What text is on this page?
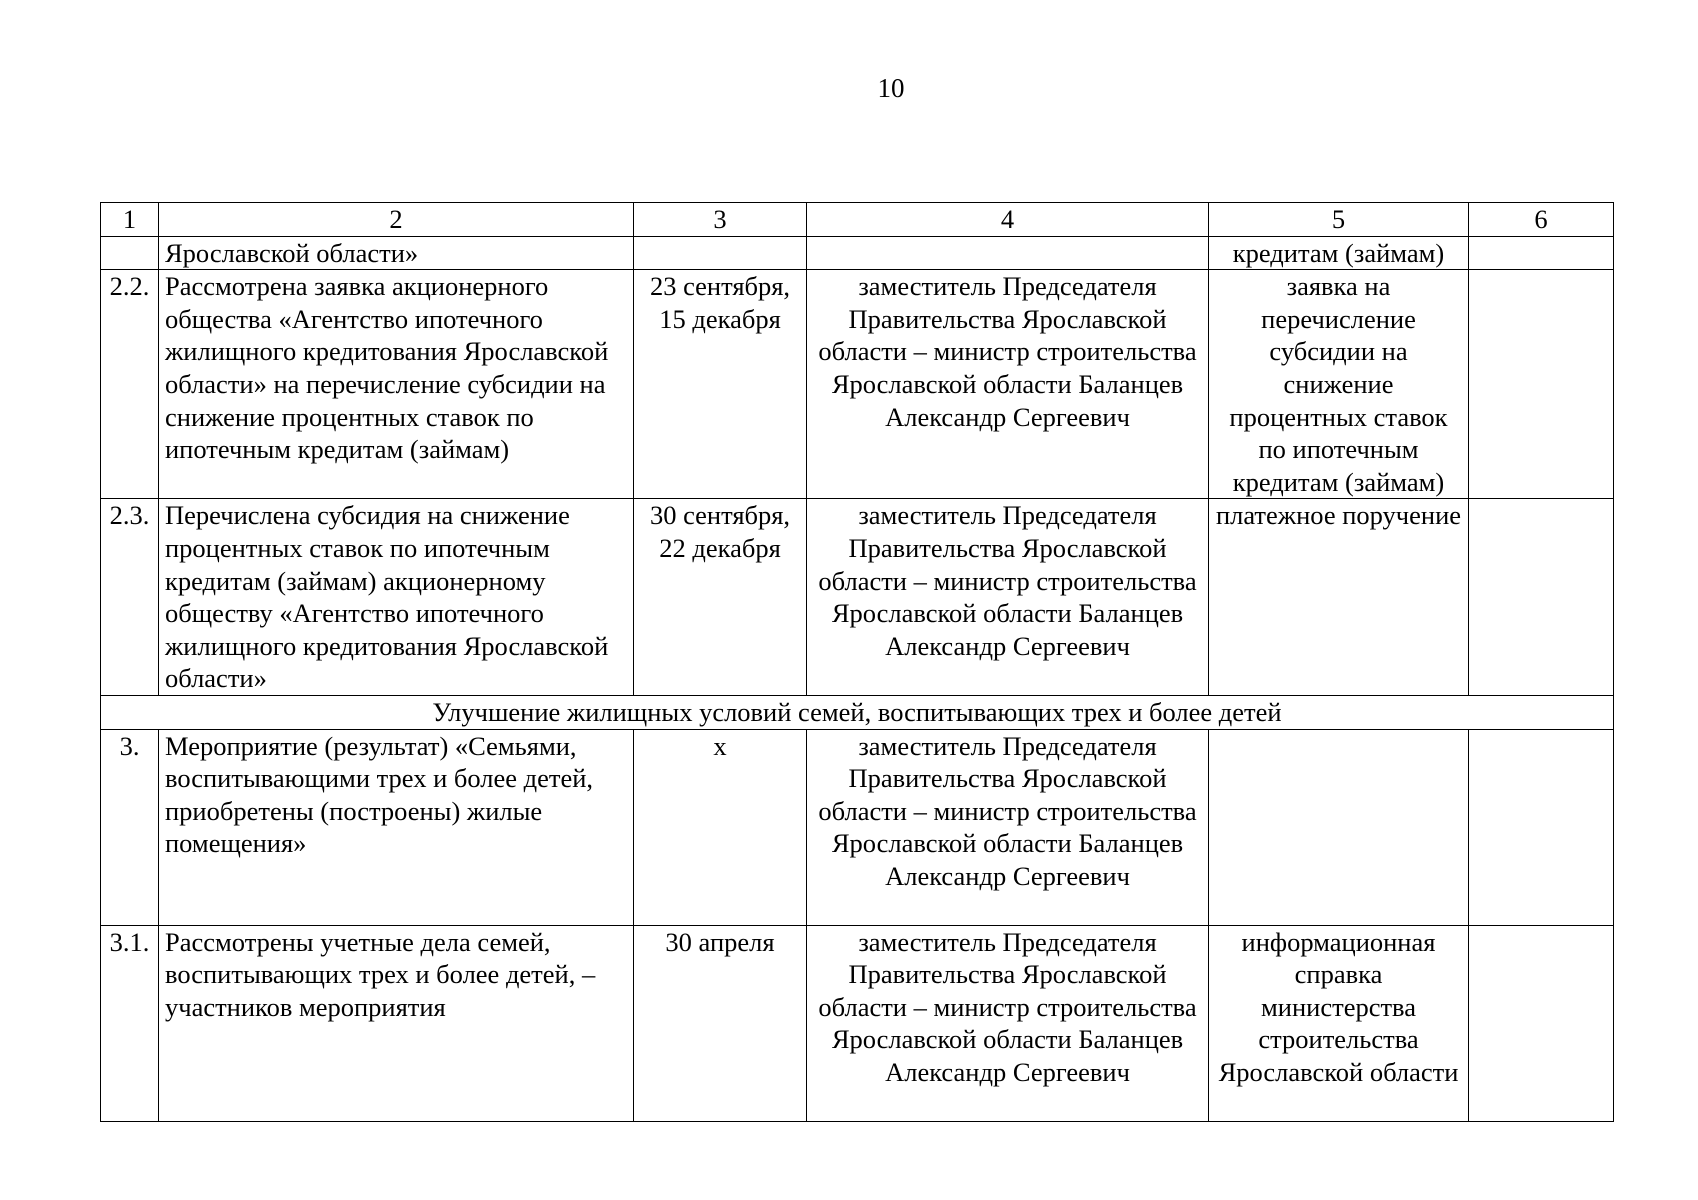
10
1	2	3	4	5	6
	Ярославской области»			кредитам (займам)	
2.2.	Рассмотрена заявка акционерного общества «Агентство ипотечного жилищного кредитования Ярославской области» на перечисление субсидии на снижение процентных ставок по ипотечным кредитам (займам)	23 сентября, 15 декабря	заместитель Председателя Правительства Ярославской области – министр строительства Ярославской области Баланцев Александр Сергеевич	заявка на перечисление субсидии на снижение процентных ставок по ипотечным кредитам (займам)	
2.3.	Перечислена субсидия на снижение процентных ставок по ипотечным кредитам (займам) акционерному обществу «Агентство ипотечного жилищного кредитования Ярославской области»	30 сентября, 22 декабря	заместитель Председателя Правительства Ярославской области – министр строительства Ярославской области Баланцев Александр Сергеевич	платежное поручение	
Улучшение жилищных условий семей, воспитывающих трех и более детей					
3.	Мероприятие (результат) «Семьями, воспитывающими трех и более детей, приобретены (построены) жилые помещения»	х	заместитель Председателя Правительства Ярославской области – министр строительства Ярославской области Баланцев Александр Сергеевич		
3.1.	Рассмотрены учетные дела семей, воспитывающих трех и более детей, – участников мероприятия	30 апреля	заместитель Председателя Правительства Ярославской области – министр строительства Ярославской области Баланцев Александр Сергеевич	информационная справка министерства строительства Ярославской области	
